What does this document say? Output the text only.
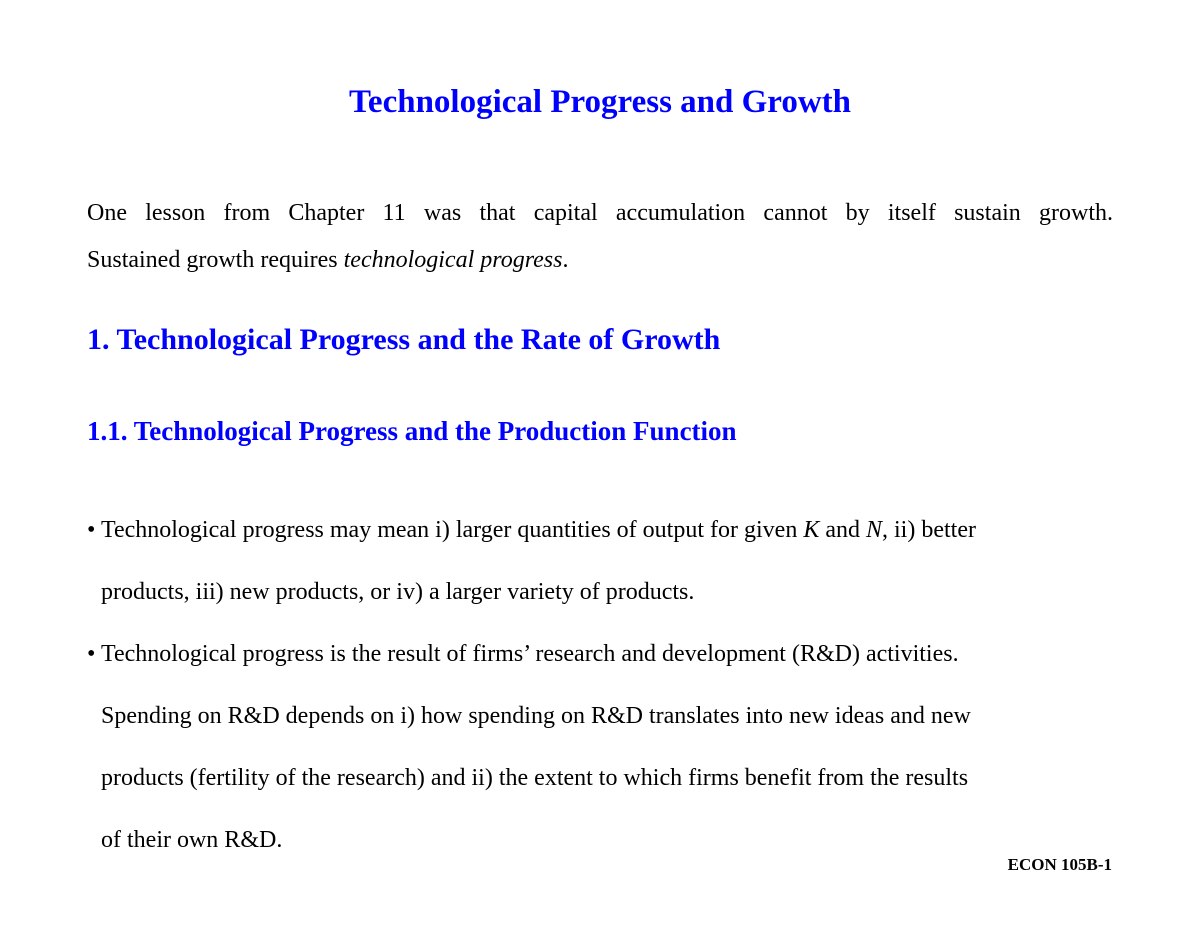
Technological Progress and Growth

One lesson from Chapter 11 was that capital accumulation cannot by itself sustain growth.
Sustained growth requires technological progress.

1. Technological Progress and the Rate of Growth
1.1. Technological Progress and the Production Function
• Technological progress may mean i) larger quantities of output for given K and N, ii) better
products, iii) new products, or iv) a larger variety of products.
• Technological progress is the result of firms’ research and development (R&D) activities.
Spending on R&D depends on i) how spending on R&D translates into new ideas and new
products (fertility of the research) and ii) the extent to which firms benefit from the results
of their own R&D.

ECON 105B-1
